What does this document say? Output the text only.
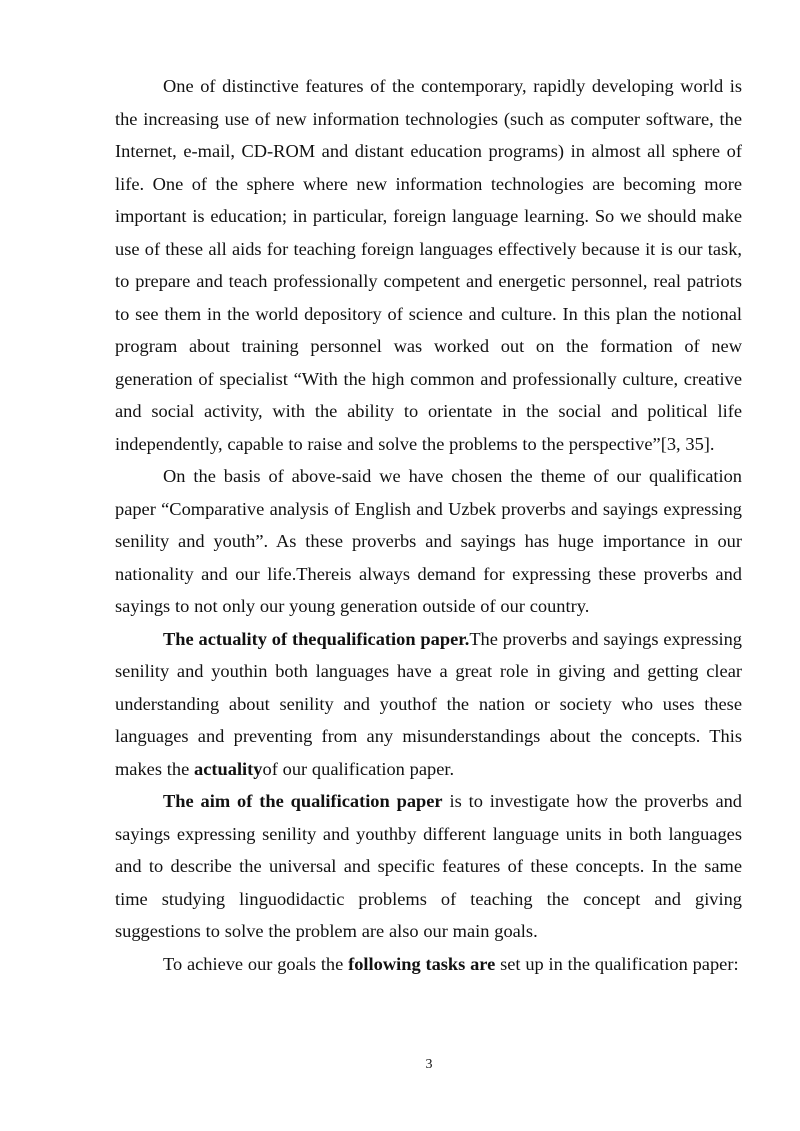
One of distinctive features of the contemporary, rapidly developing world is the increasing use of new information technologies (such as computer software, the Internet, e-mail, CD-ROM and distant education programs) in almost all sphere of life. One of the sphere where new information technologies are becoming more important is education; in particular, foreign language learning. So we should make use of these all aids for teaching foreign languages effectively because it is our task, to prepare and teach professionally competent and energetic personnel, real patriots to see them in the world depository of science and culture. In this plan the notional program about training personnel was worked out on the formation of new generation of specialist “With the high common and professionally culture, creative and social activity, with the ability to orientate in the social and political life independently, capable to raise and solve the problems to the perspective”[3, 35].

On the basis of above-said we have chosen the theme of our qualification paper “Comparative analysis of English and Uzbek proverbs and sayings expressing senility and youth”. As these proverbs and sayings has huge importance in our nationality and our life.Thereis always demand for expressing these proverbs and sayings to not only our young generation outside of our country.

The actuality of thequalification paper.The proverbs and sayings expressing senility and youthin both languages have a great role in giving and getting clear understanding about senility and youthof the nation or society who uses these languages and preventing from any misunderstandings about the concepts. This makes the actualityof our qualification paper.

The aim of the qualification paper is to investigate how the proverbs and sayings expressing senility and youthby different language units in both languages and to describe the universal and specific features of these concepts. In the same time studying linguodidactic problems of teaching the concept and giving suggestions to solve the problem are also our main goals.

To achieve our goals the following tasks are set up in the qualification paper:

3
